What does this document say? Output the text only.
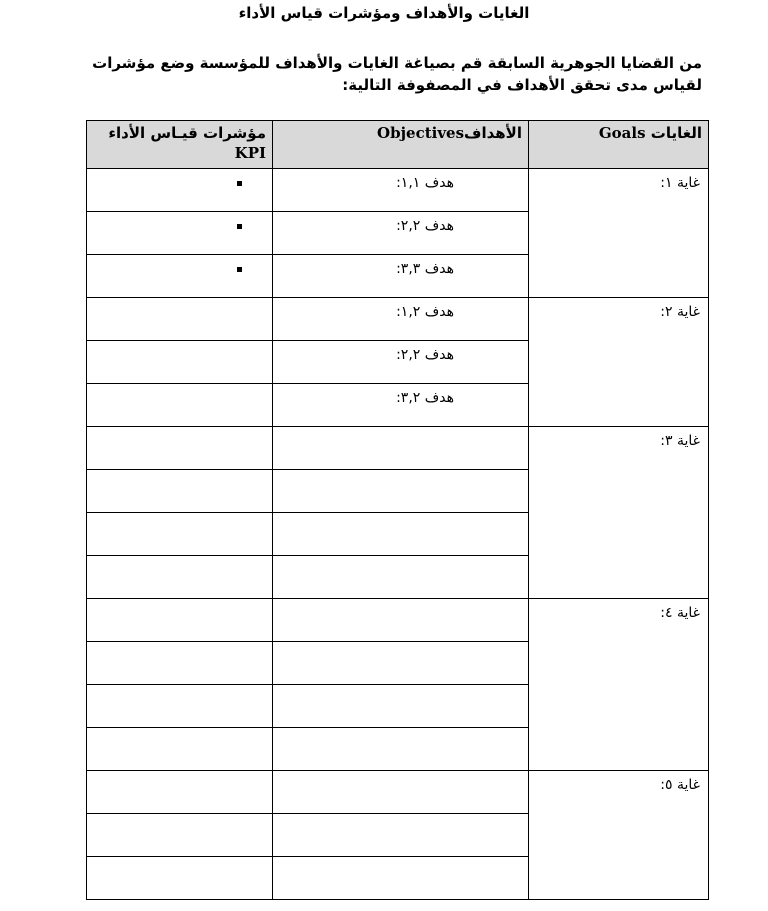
الغايات والأهداف ومؤشرات قياس الأداء
من القضايا الجوهرية السابقة قم بصياغة الغايات والأهداف للمؤسسة وضع مؤشرات لقياس مدى تحقق الأهداف في المصفوفة التالية:
الغايات Goals	الأهدافObjectives	مؤشرات قيـاس الأداء
KPI
غاية ١:	هدف ١,١:	
	هدف ٢,٢:	
	هدف ٣,٣:	
غاية ٢:	هدف ١,٢:	
	هدف ٢,٢:	
	هدف ٣,٢:	
غاية ٣:		

غاية ٤:		

غاية ٥:		
